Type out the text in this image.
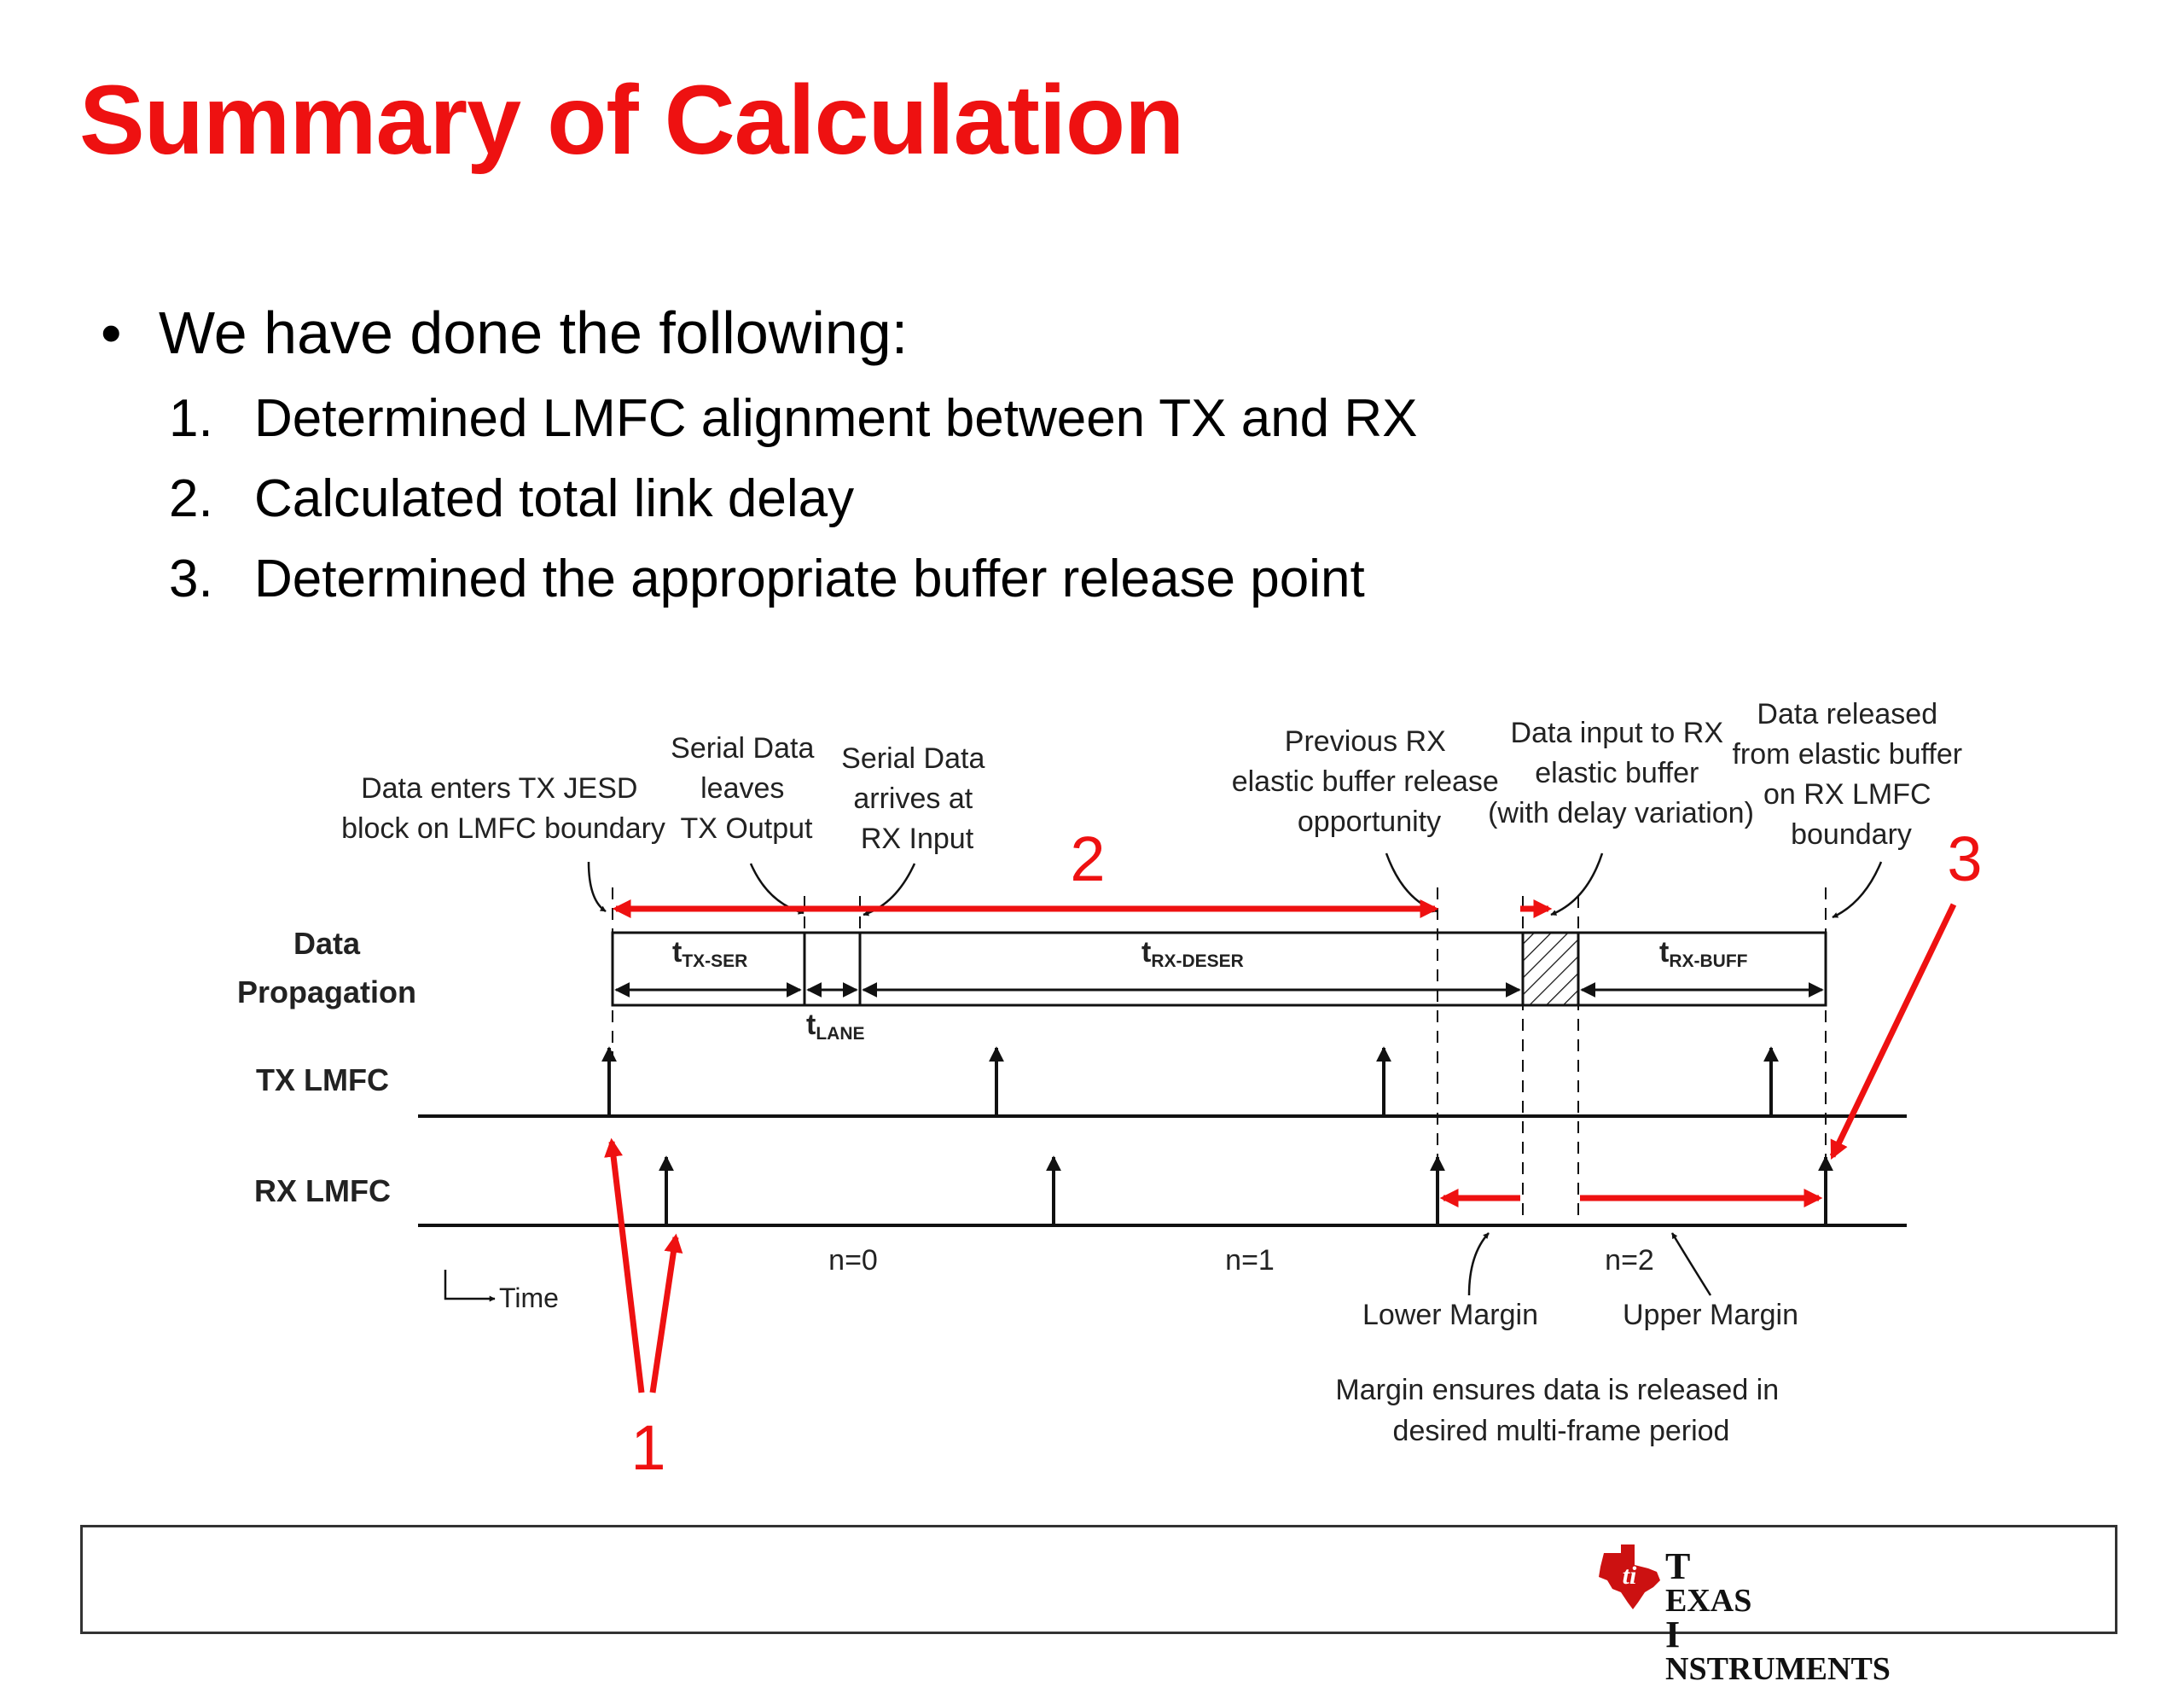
Summary of Calculation
• We have done the following:
1. Determined LMFC alignment between TX and RX
2. Calculated total link delay
3. Determined the appropriate buffer release point
Data enters TX JESD block on LMFC boundary
Serial Data leaves TX Output
Serial Data arrives at RX Input
Previous RX elastic buffer release opportunity
Data input to RX elastic buffer (with delay variation)
Data released from elastic buffer on RX LMFC boundary
Data
Propagation
TX LMFC
RX LMFC
tTX-SER	tRX-DESER	tRX-BUFF
tLANE
n=0	n=1	n=2
Time
Lower Margin	Upper Margin
Margin ensures data is released in desired multi-frame period
1
2	3
ti T
EXAS
I
NSTRUMENTS
